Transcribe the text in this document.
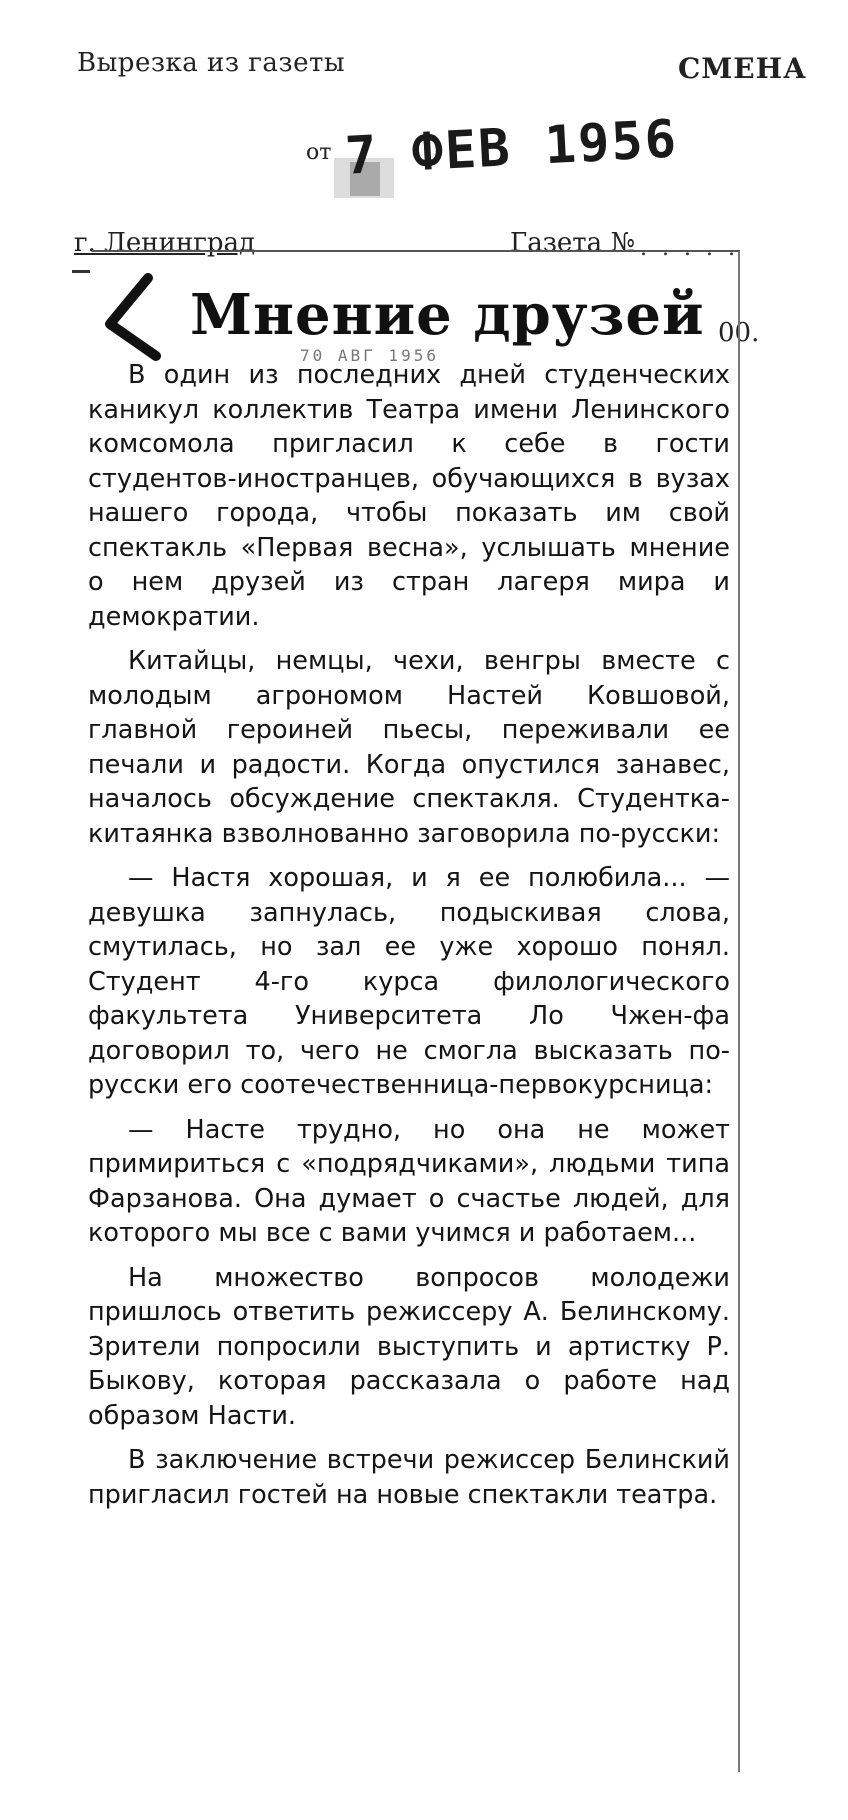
Вырезка из газеты	СМЕНА
от 7 ФЕВ 1956
г. Ленинград	Газета № . . . . .
00.
Мнение друзей
70 АВГ 1956

В один из последних дней студенческих каникул коллектив Театра имени Ленинского комсомола пригласил к себе в гости студентов-иностранцев, обучающихся в вузах нашего города, чтобы показать им свой спектакль «Первая весна», услышать мнение о нем друзей из стран лагеря мира и демократии.

Китайцы, немцы, чехи, венгры вместе с молодым агрономом Настей Ковшовой, главной героиней пьесы, переживали ее печали и радости. Когда опустился занавес, началось обсуждение спектакля. Студентка-китаянка взволнованно заговорила по-русски:

— Настя хорошая, и я ее полюбила... — девушка запнулась, подыскивая слова, смутилась, но зал ее уже хорошо понял. Студент 4-го курса филологического факультета Университета Ло Чжен-фа договорил то, чего не смогла высказать по-русски его соотечественница-первокурсница:

— Насте трудно, но она не может примириться с «подрядчиками», людьми типа Фарзанова. Она думает о счастье людей, для которого мы все с вами учимся и работаем...

На множество вопросов молодежи пришлось ответить режиссеру А. Белинскому. Зрители попросили выступить и артистку Р. Быкову, которая рассказала о работе над образом Насти.

В заключение встречи режиссер Белинский пригласил гостей на новые спектакли театра.
